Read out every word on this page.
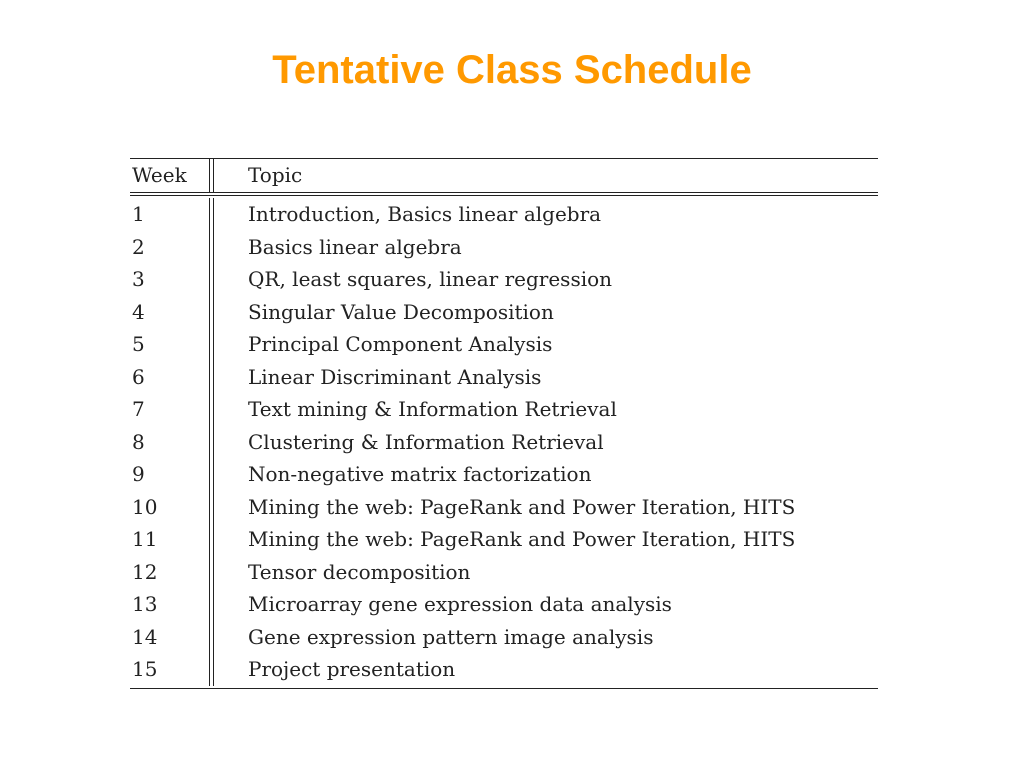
Tentative Class Schedule
Week	Topic
1	Introduction, Basics linear algebra
2	Basics linear algebra
3	QR, least squares, linear regression
4	Singular Value Decomposition
5	Principal Component Analysis
6	Linear Discriminant Analysis
7	Text mining & Information Retrieval
8	Clustering & Information Retrieval
9	Non-negative matrix factorization
10	Mining the web: PageRank and Power Iteration, HITS
11	Mining the web: PageRank and Power Iteration, HITS
12	Tensor decomposition
13	Microarray gene expression data analysis
14	Gene expression pattern image analysis
15	Project presentation
